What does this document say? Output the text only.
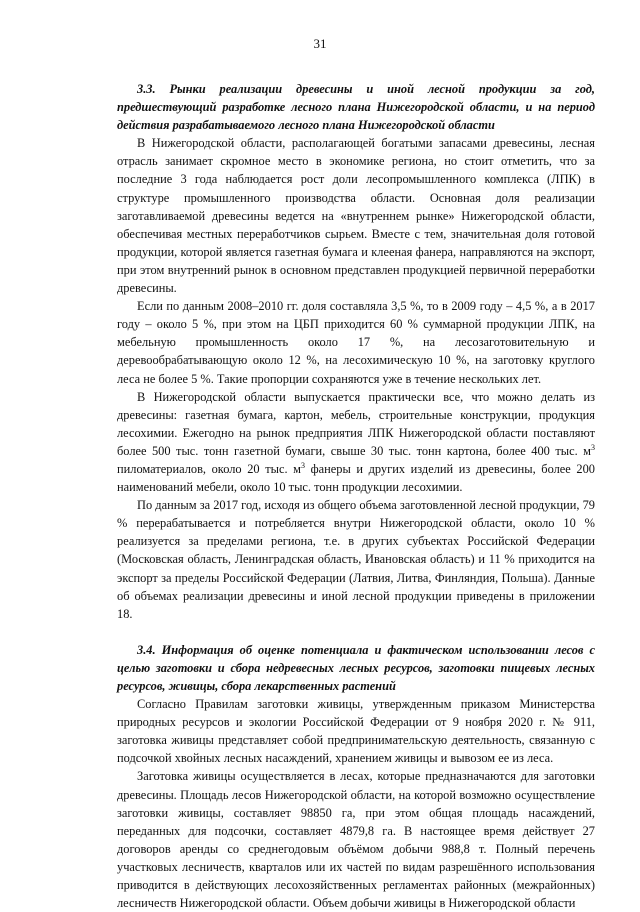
31

3.3. Рынки реализации древесины и иной лесной продукции за год, предшествующий разработке лесного плана Нижегородской области, и на период действия разрабатываемого лесного плана Нижегородской области

В Нижегородской области, располагающей богатыми запасами древесины, лесная отрасль занимает скромное место в экономике региона, но стоит отметить, что за последние 3 года наблюдается рост доли лесопромышленного комплекса (ЛПК) в структуре промышленного производства области. Основная доля реализации заготавливаемой древесины ведется на «внутреннем рынке» Нижегородской области, обеспечивая местных переработчиков сырьем. Вместе с тем, значительная доля готовой продукции, которой является газетная бумага и клееная фанера, направляются на экспорт, при этом внутренний рынок в основном представлен продукцией первичной переработки древесины.

Если по данным 2008–2010 гг. доля составляла 3,5 %, то в 2009 году – 4,5 %, а в 2017 году – около 5 %, при этом на ЦБП приходится 60 % суммарной продукции ЛПК, на мебельную промышленность около 17 %, на лесозаготовительную и деревообрабатывающую около 12 %, на лесохимическую 10 %, на заготовку круглого леса не более 5 %. Такие пропорции сохраняются уже в течение нескольких лет.

В Нижегородской области выпускается практически все, что можно делать из древесины: газетная бумага, картон, мебель, строительные конструкции, продукция лесохимии. Ежегодно на рынок предприятия ЛПК Нижегородской области поставляют более 500 тыс. тонн газетной бумаги, свыше 30 тыс. тонн картона, более 400 тыс. $м^3$ пиломатериалов, около 20 тыс. $м^3$ фанеры и других изделий из древесины, более 200 наименований мебели, около 10 тыс. тонн продукции лесохимии.

По данным за 2017 год, исходя из общего объема заготовленной лесной продукции, 79 % перерабатывается и потребляется внутри Нижегородской области, около 10 % реализуется за пределами региона, т.е. в других субъектах Российской Федерации (Московская область, Ленинградская область, Ивановская область) и 11 % приходится на экспорт за пределы Российской Федерации (Латвия, Литва, Финляндия, Польша). Данные об объемах реализации древесины и иной лесной продукции приведены в приложении 18.

3.4. Информация об оценке потенциала и фактическом использовании лесов с целью заготовки и сбора недревесных лесных ресурсов, заготовки пищевых лесных ресурсов, живицы, сбора лекарственных растений

Согласно Правилам заготовки живицы, утвержденным приказом Министерства природных ресурсов и экологии Российской Федерации от 9 ноября 2020 г. № 911, заготовка живицы представляет собой предпринимательскую деятельность, связанную с подсочкой хвойных лесных насаждений, хранением живицы и вывозом ее из леса.

Заготовка живицы осуществляется в лесах, которые предназначаются для заготовки древесины. Площадь лесов Нижегородской области, на которой возможно осуществление заготовки живицы, составляет 98850 га, при этом общая площадь насаждений, переданных для подсочки, составляет 4879,8 га. В настоящее время действует 27 договоров аренды со среднегодовым объёмом добычи 988,8 т. Полный перечень участковых лесничеств, кварталов или их частей по видам разрешённого использования приводится в действующих лесохозяйственных регламентах районных (межрайонных) лесничеств Нижегородской области. Объем добычи живицы в Нижегородской области
